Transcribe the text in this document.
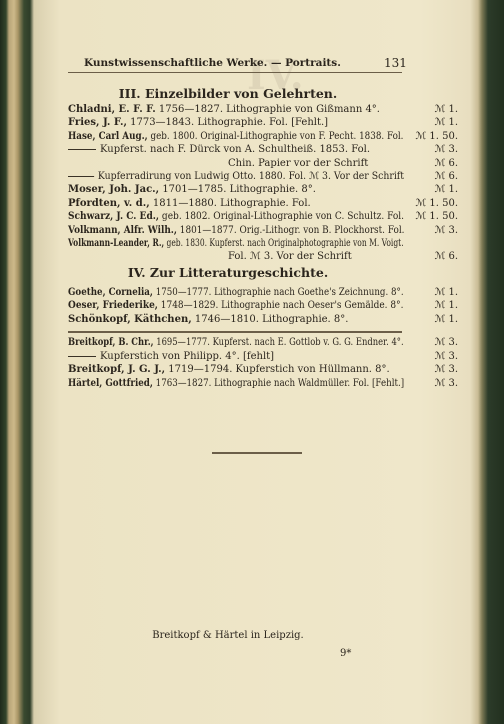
IV.
Kunstwissenschaftliche Werke. — Portraits.	131
III. Einzelbilder von Gelehrten.
Chladni, E. F. F. 1756—1827. Lithographie von Gißmann 4°.	ℳ 1.
Fries, J. F., 1773—1843. Lithographie. Fol. [Fehlt.]	ℳ 1.
Hase, Carl Aug., geb. 1800. Original-Lithographie von F. Pecht. 1838. Fol. ℳ 1. 50.
Kupferst. nach F. Dürck von A. Schultheiß. 1853. Fol.	ℳ 3.
Chin. Papier vor der Schrift	ℳ 6.
Kupferradirung von Ludwig Otto. 1880. Fol. ℳ 3. Vor der Schrift	ℳ 6.
Moser, Joh. Jac., 1701—1785. Lithographie. 8°.	ℳ 1.
Pfordten, v. d., 1811—1880. Lithographie. Fol.	ℳ 1. 50.
Schwarz, J. C. Ed., geb. 1802. Original-Lithographie von C. Schultz. Fol. ℳ 1. 50.
Volkmann, Alfr. Wilh., 1801—1877. Orig.-Lithogr. von B. Plockhorst. Fol.	ℳ 3.
Volkmann-Leander, R., geb. 1830. Kupferst. nach Originalphotographie von M. Voigt.
Fol. ℳ 3. Vor der Schrift	ℳ 6.
IV. Zur Litteraturgeschichte.
Goethe, Cornelia, 1750—1777. Lithographie nach Goethe's Zeichnung. 8°.	ℳ 1.
Oeser, Friederike, 1748—1829. Lithographie nach Oeser's Gemälde. 8°.	ℳ 1.
Schönkopf, Käthchen, 1746—1810. Lithographie. 8°.	ℳ 1.
Breitkopf, B. Chr., 1695—1777. Kupferst. nach E. Gottlob v. G. G. Endner. 4°.	ℳ 3.
Kupferstich von Philipp. 4°. [fehlt]	ℳ 3.
Breitkopf, J. G. J., 1719—1794. Kupferstich von Hüllmann. 8°.	ℳ 3.
Härtel, Gottfried, 1763—1827. Lithographie nach Waldmüller. Fol. [Fehlt.]	ℳ 3.
Breitkopf & Härtel in Leipzig.
9*
